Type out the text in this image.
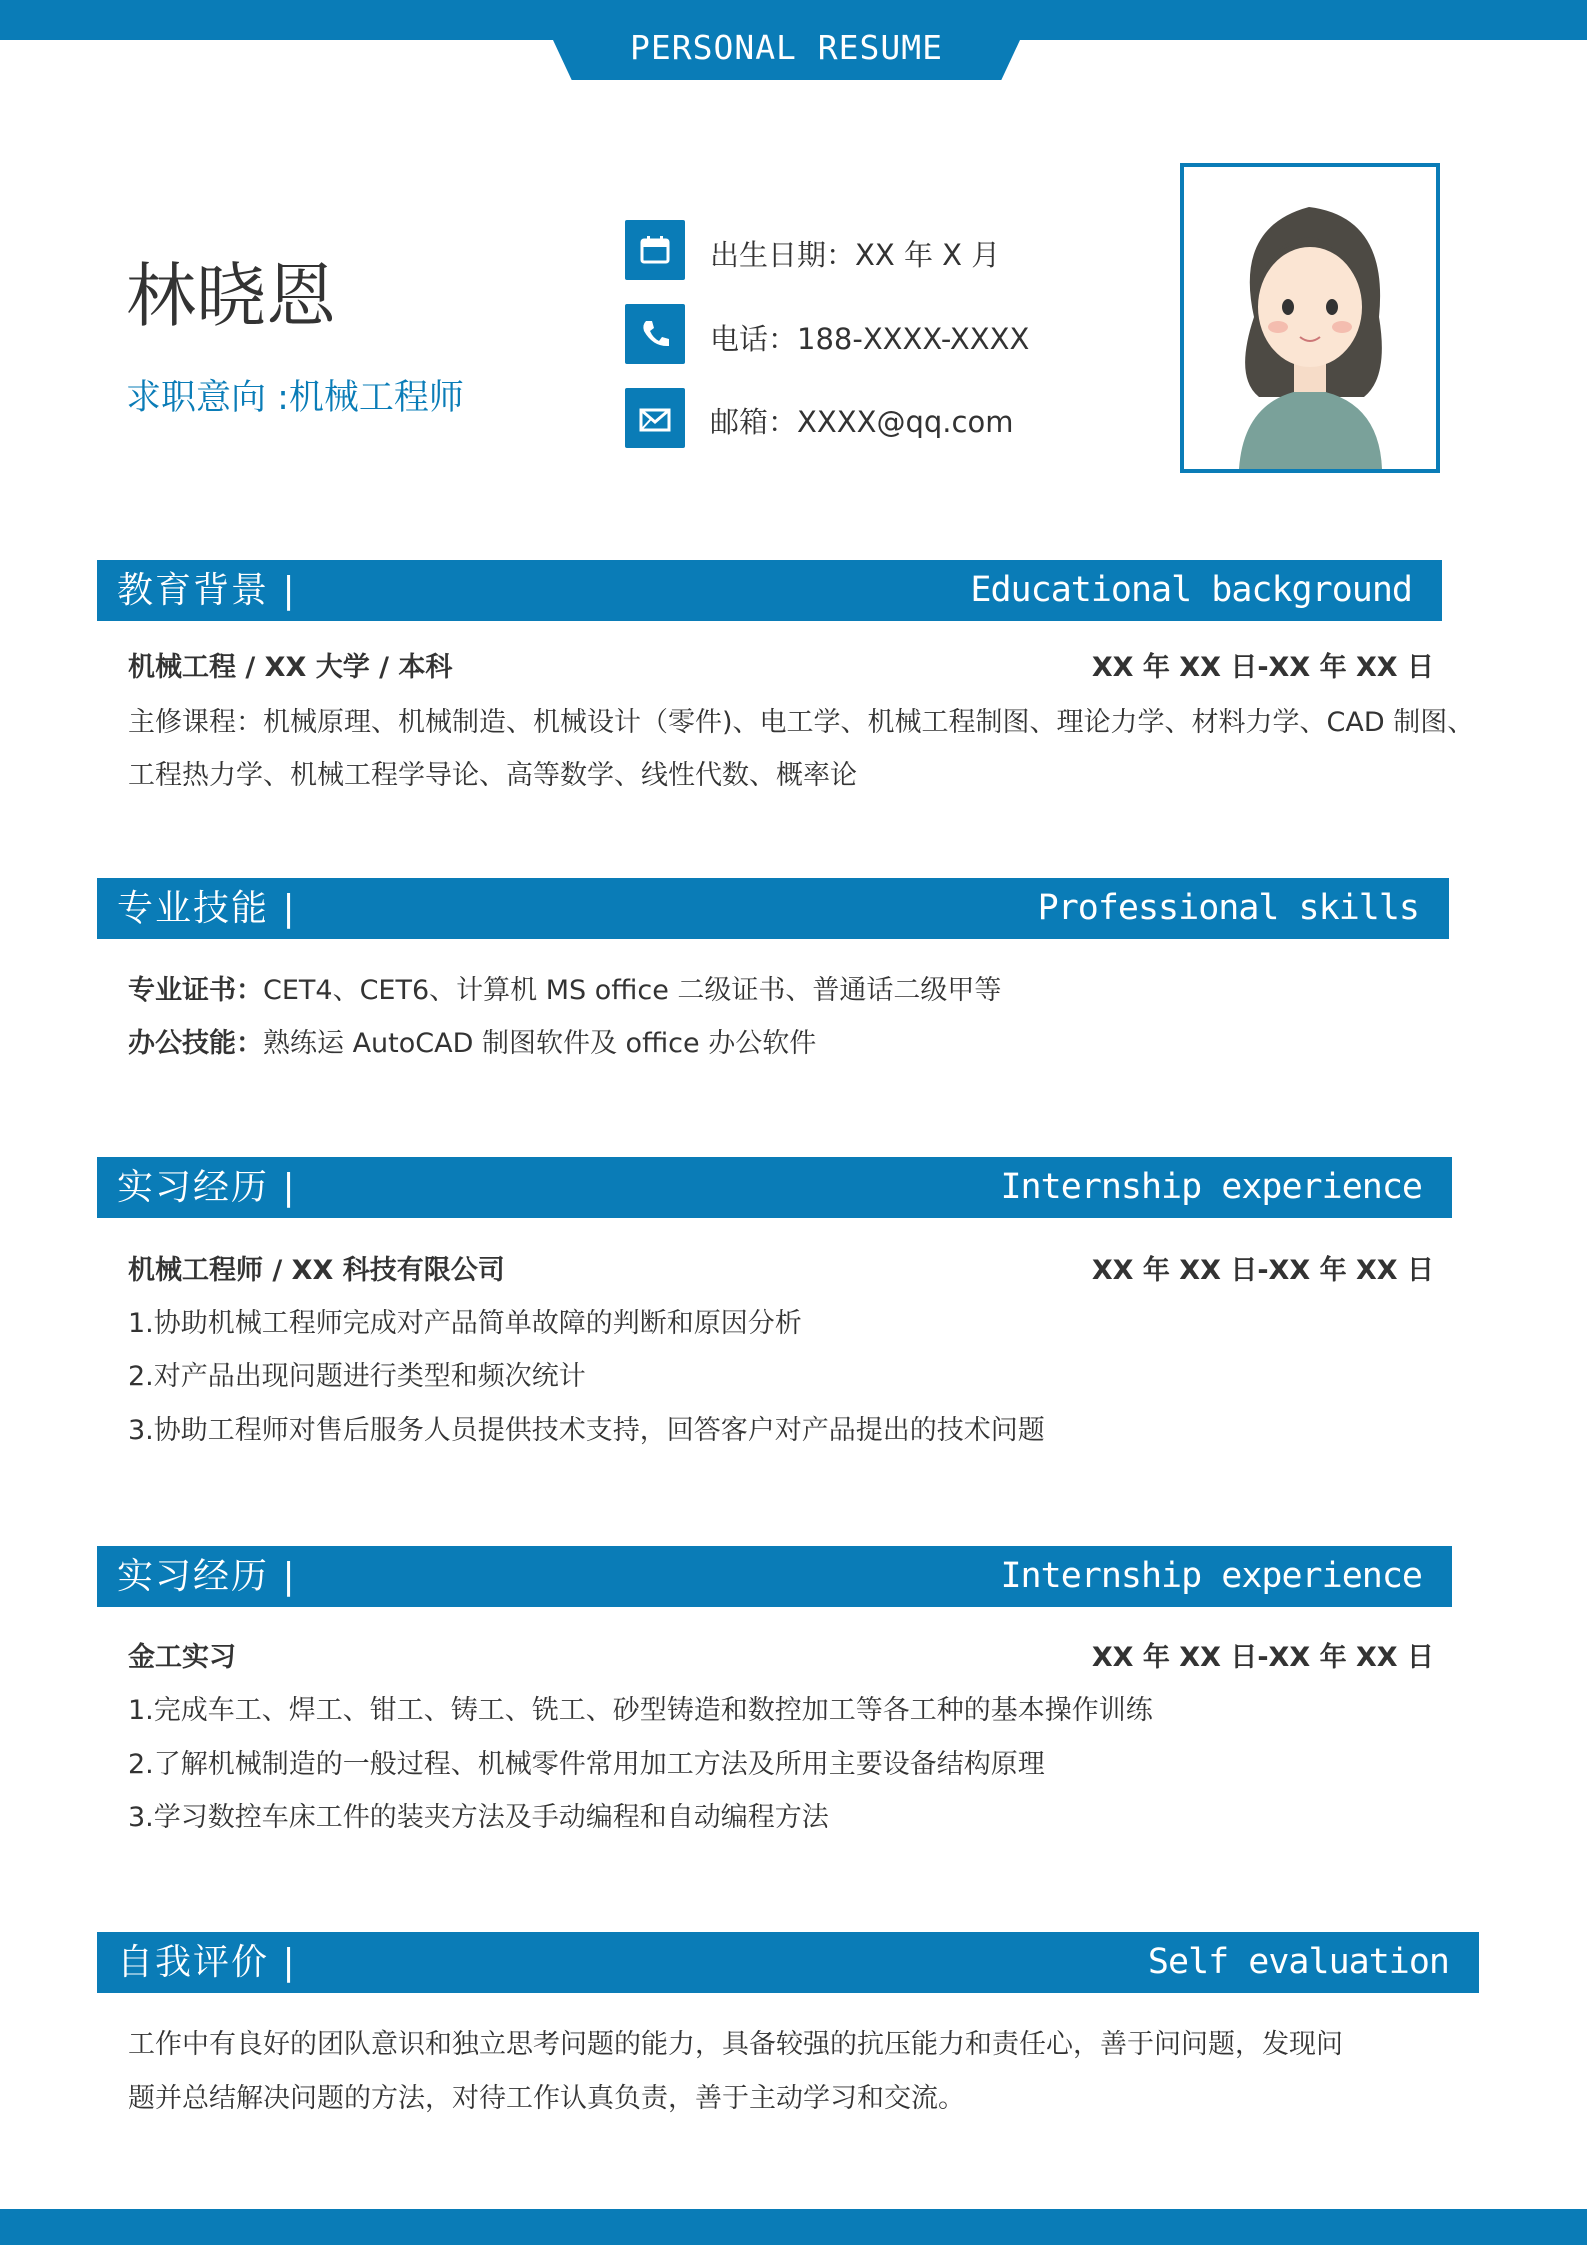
PERSONAL RESUME
林晓恩
求职意向 :机械工程师
出生日期：XX 年 X 月
电话：188-XXXX-XXXX
邮箱：XXXX@qq.com
教育背景 |	Educational background
机械工程 / XX 大学 / 本科	XX 年 XX 日-XX 年 XX 日
主修课程：机械原理、机械制造、机械设计（零件)、电工学、机械工程制图、理论力学、材料力学、CAD 制图、
工程热力学、机械工程学导论、高等数学、线性代数、概率论
专业技能 |	Professional skills
专业证书：CET4、CET6、计算机 MS office 二级证书、普通话二级甲等
办公技能：熟练运 AutoCAD 制图软件及 office 办公软件
实习经历 |	Internship experience
机械工程师 / XX 科技有限公司	XX 年 XX 日-XX 年 XX 日
1.协助机械工程师完成对产品简单故障的判断和原因分析
2.对产品出现问题进行类型和频次统计
3.协助工程师对售后服务人员提供技术支持，回答客户对产品提出的技术问题
实习经历 |	Internship experience
金工实习	XX 年 XX 日-XX 年 XX 日
1.完成车工、焊工、钳工、铸工、铣工、砂型铸造和数控加工等各工种的基本操作训练
2.了解机械制造的一般过程、机械零件常用加工方法及所用主要设备结构原理
3.学习数控车床工件的装夹方法及手动编程和自动编程方法
自我评价 |	Self evaluation
工作中有良好的团队意识和独立思考问题的能力，具备较强的抗压能力和责任心，善于问问题，发现问
题并总结解决问题的方法，对待工作认真负责，善于主动学习和交流。
